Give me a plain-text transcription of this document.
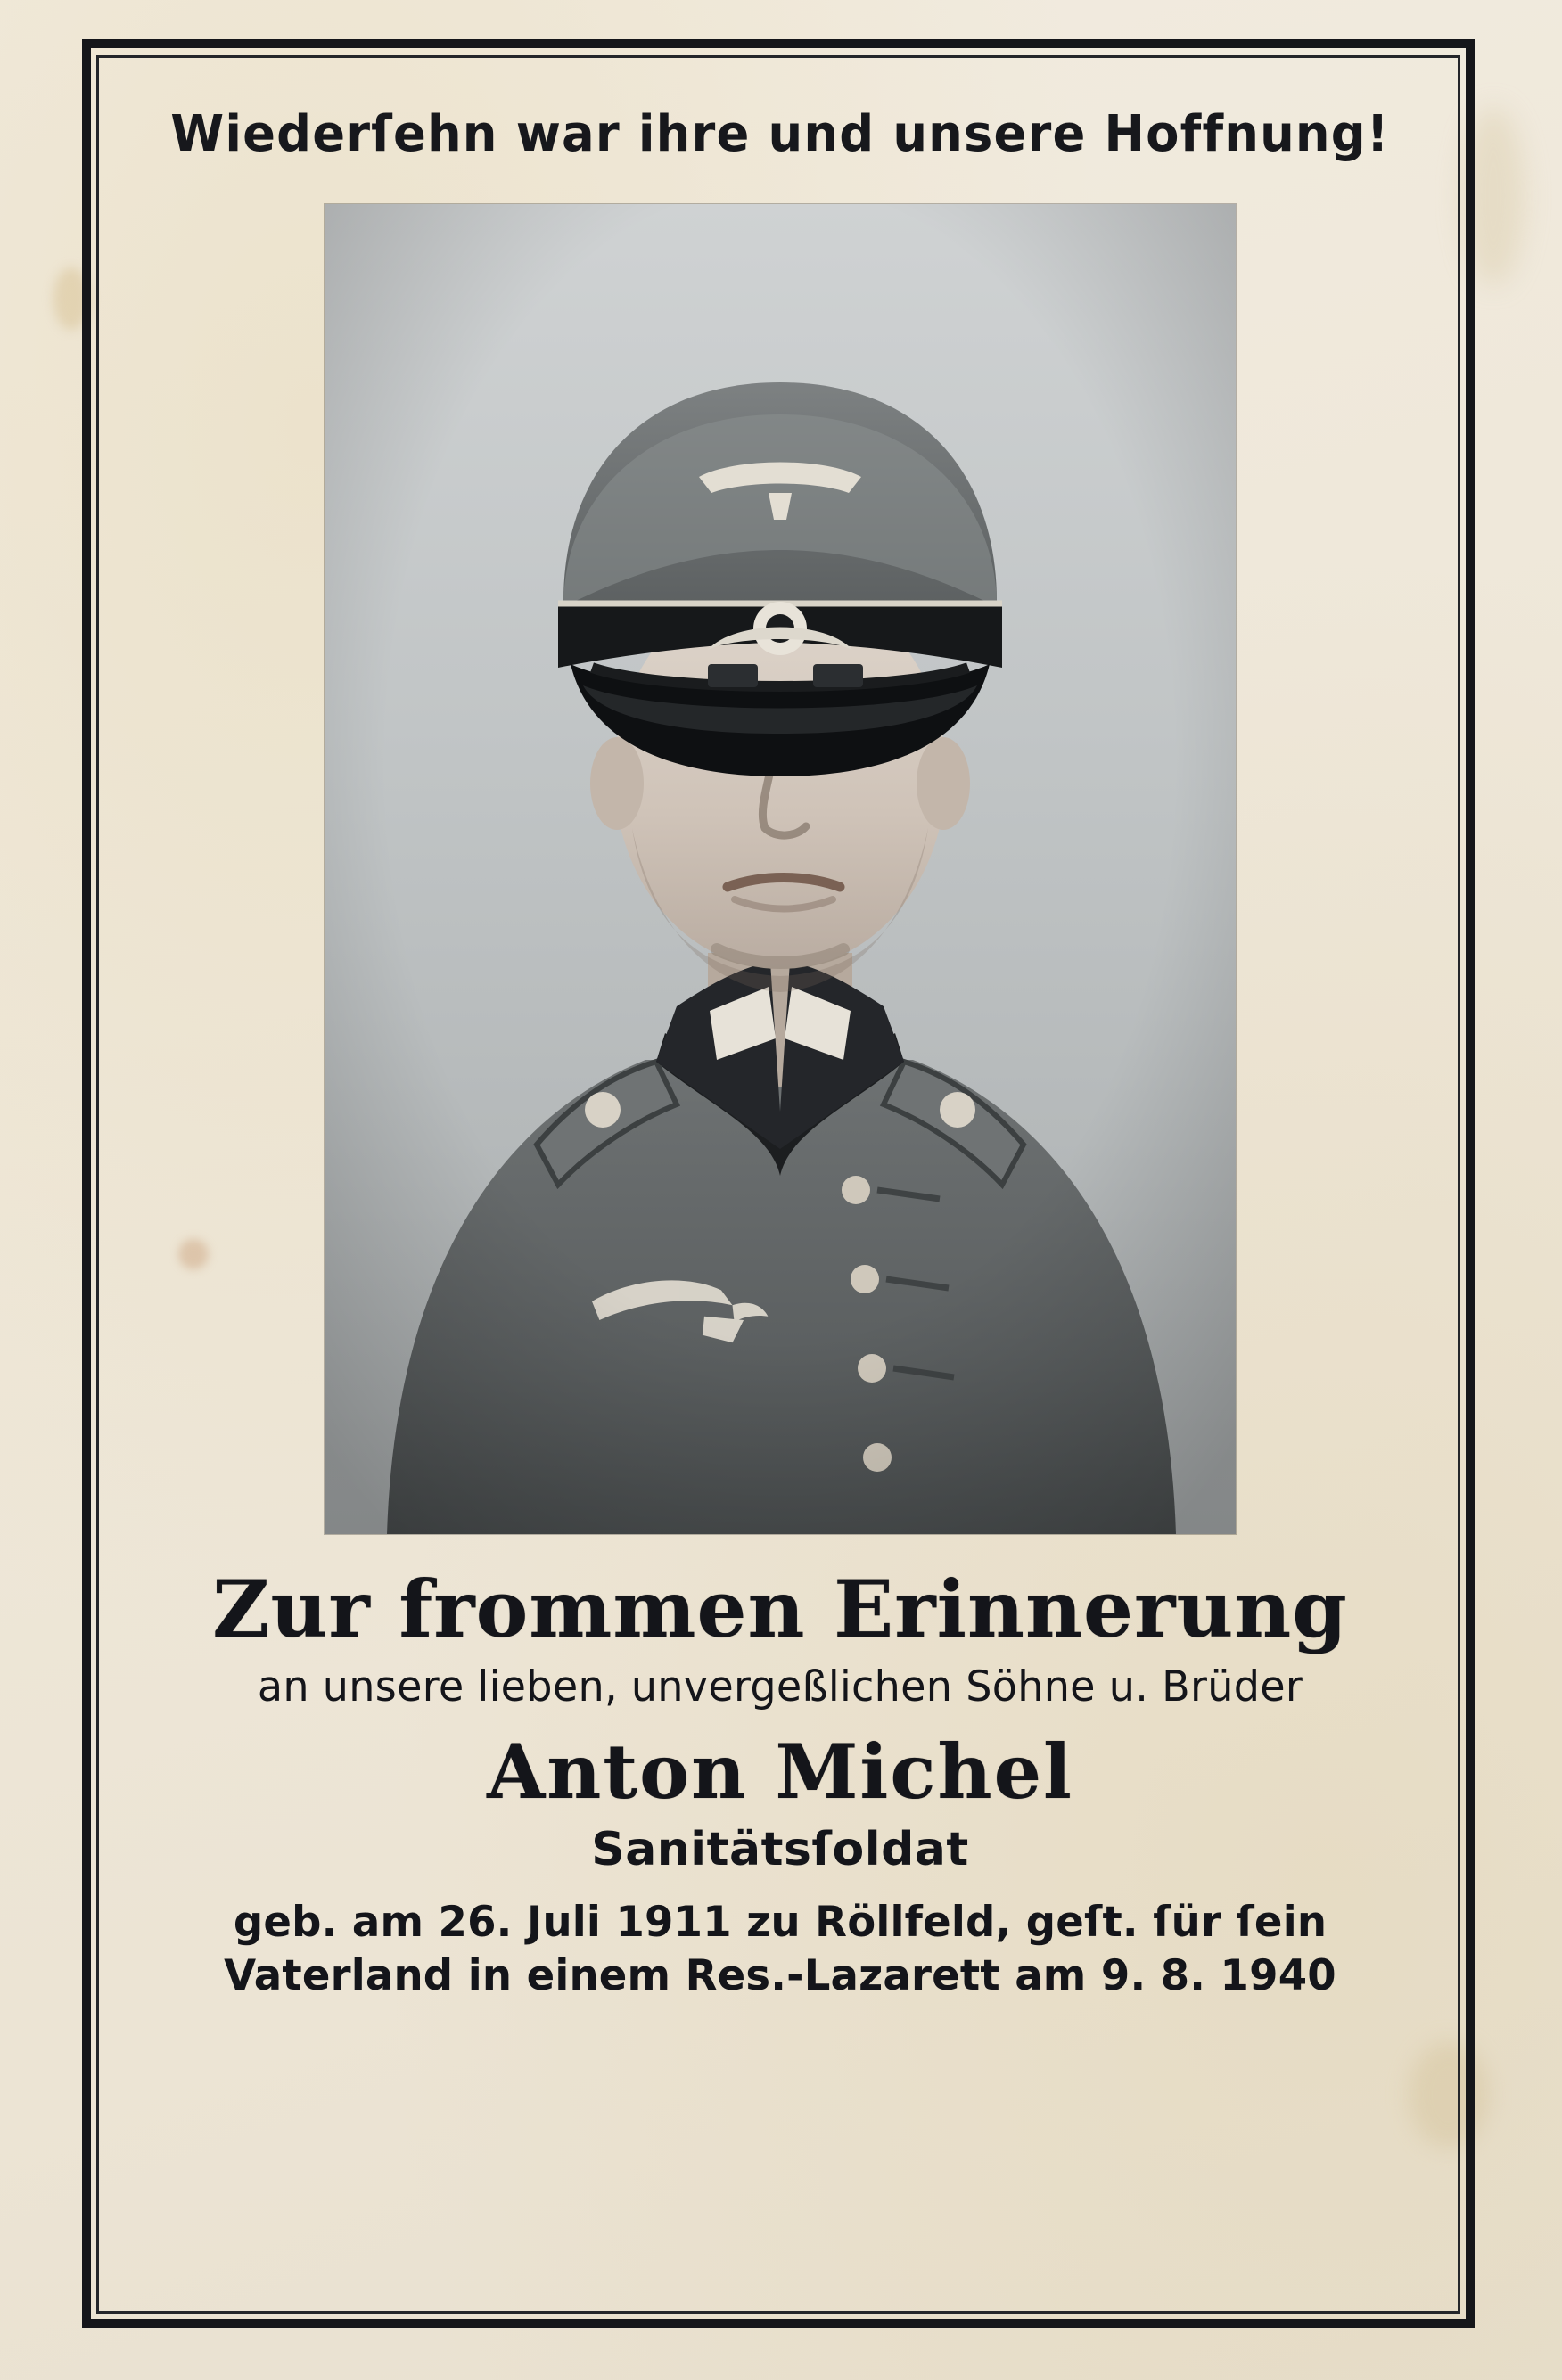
Wiederſehn war ihre und unsere Hoffnung!
Zur frommen Erinnerung
an unsere lieben, unvergeßlichen Söhne u. Brüder
Anton Michel
Sanitätsſoldat
geb. am 26. Juli 1911 zu Röllfeld, geſt. ſür ſein
Vaterland in einem Res.-Lazarett am 9. 8. 1940
